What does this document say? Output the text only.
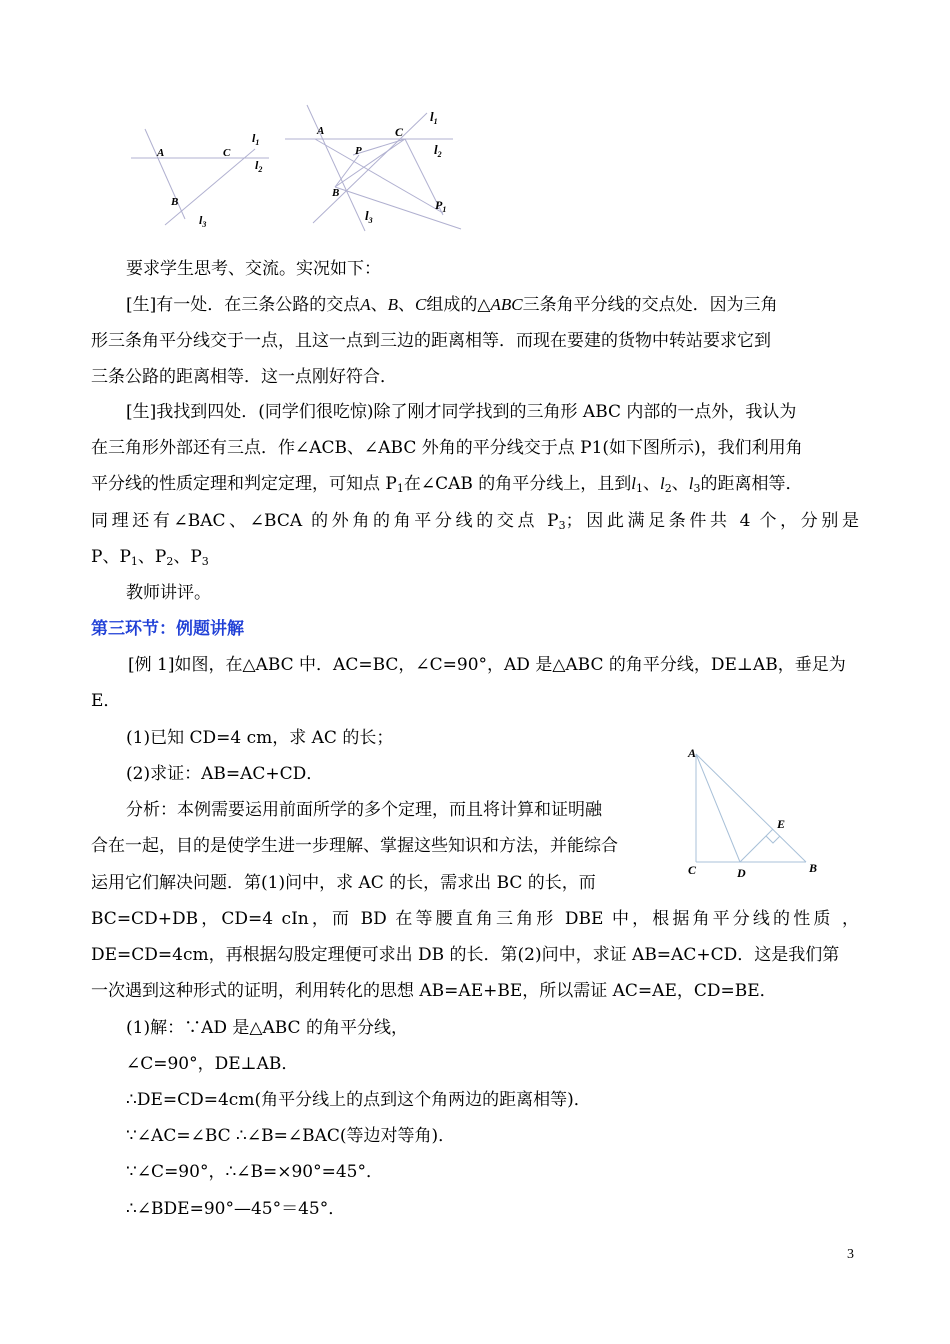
A	C
B
$l_1$
$l_2$
$l_3$
A	C
P
B
$P_1$
$l_1$
$l_2$
$l_3$
要求学生思考、交流。实况如下：
[生]有一处．在三条公路的交点A、B、C组成的△ABC三条角平分线的交点处．因为三角
形三条角平分线交于一点，且这一点到三边的距离相等．而现在要建的货物中转站要求它到
三条公路的距离相等．这一点刚好符合．
[生]我找到四处．(同学们很吃惊)除了刚才同学找到的三角形 ABC 内部的一点外，我认为
在三角形外部还有三点．作∠ACB、∠ABC 外角的平分线交于点 P1(如下图所示)，我们利用角
平分线的性质定理和判定定理，可知点 $P_1$在∠CAB 的角平分线上，且到$l_1$、$l_2$、$l_3$的距离相等．
同理还有∠BAC、∠BCA 的外角的角平分线的交点 $P_3$；因此满足条件共 4 个，分别是
P、$P_1$、$P_2$、$P_3$
教师讲评。
第三环节：例题讲解
[例 1]如图，在△ABC 中．AC=BC，∠C=90°，AD 是△ABC 的角平分线，DE⊥AB，垂足为
E．
(1)已知 CD=4 cm，求 AC 的长；
(2)求证：AB=AC+CD．
分析：本例需要运用前面所学的多个定理，而且将计算和证明融
合在一起，目的是使学生进一步理解、掌握这些知识和方法，并能综合
运用它们解决问题．第(1)问中，求 AC 的长，需求出 BC 的长，而
A
E
C	D	B
BC=CD+DB，CD=4 cIn，而 BD 在等腰直角三角形 DBE 中，根据角平分线的性质 ，
DE=CD=4cm，再根据勾股定理便可求出 DB 的长．第(2)问中，求证 AB=AC+CD．这是我们第
一次遇到这种形式的证明，利用转化的思想 AB=AE+BE，所以需证 AC=AE，CD=BE．
(1)解：∵AD 是△ABC 的角平分线，
∠C=90°，DE⊥AB．
∴DE=CD=4cm(角平分线上的点到这个角两边的距离相等)．
∵∠AC=∠BC ∴∠B=∠BAC(等边对等角)．
∵∠C=90°，∴∠B=×90°=45°．
∴∠BDE=90°—45°＝45°．
3
